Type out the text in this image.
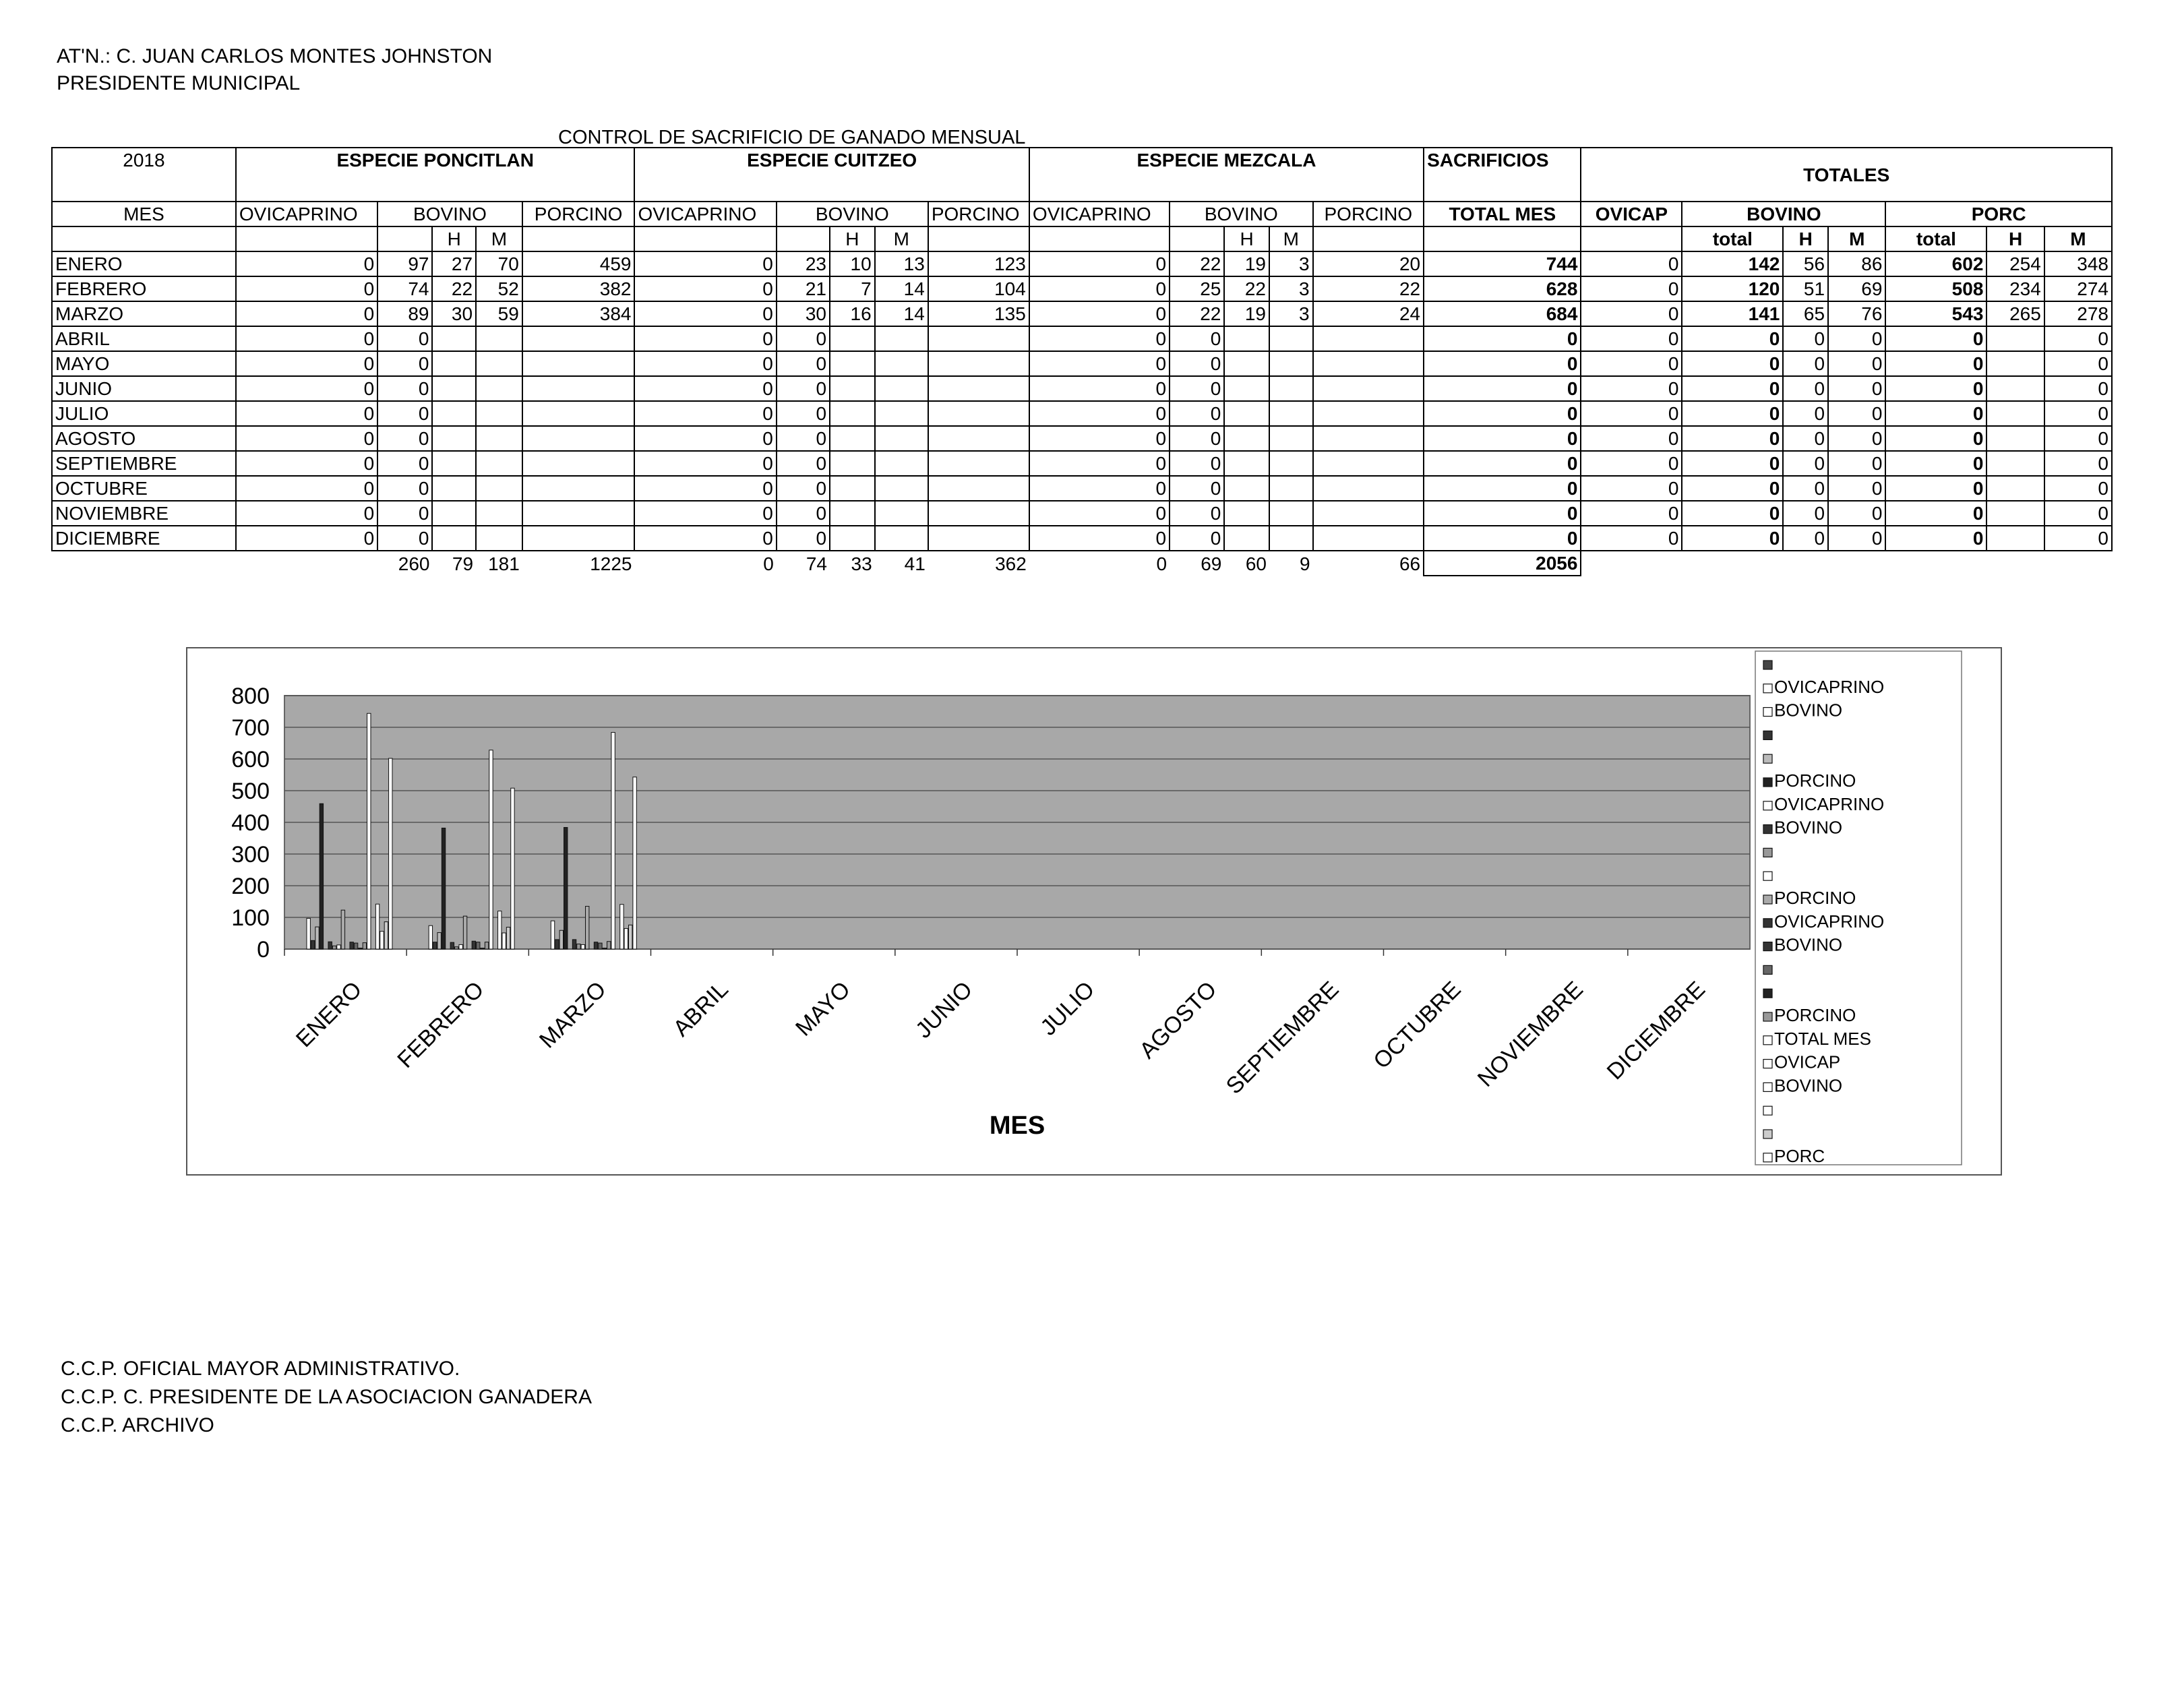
AT'N.: C. JUAN CARLOS MONTES JOHNSTON
PRESIDENTE MUNICIPAL
CONTROL DE SACRIFICIO DE GANADO MENSUAL
2018	ESPECIE PONCITLAN					ESPECIE CUITZEO					ESPECIE MEZCALA					SACRIFICIOS	TOTALES						
MES	OVICAPRINO	BOVINO			PORCINO	OVICAPRINO	BOVINO			PORCINO	OVICAPRINO	BOVINO			PORCINO	TOTAL MES	OVICAP	BOVINO			PORC		
			H	M				H	M				H	M				total	H	M	total	H	M
ENERO	0	97	27	70	459	0	23	10	13	123	0	22	19	3	20	744	0	142	56	86	602	254	348
FEBRERO	0	74	22	52	382	0	21	7	14	104	0	25	22	3	22	628	0	120	51	69	508	234	274
MARZO	0	89	30	59	384	0	30	16	14	135	0	22	19	3	24	684	0	141	65	76	543	265	278
ABRIL	0	0				0	0				0	0				0	0	0	0	0	0		0
MAYO	0	0				0	0				0	0				0	0	0	0	0	0		0
JUNIO	0	0				0	0				0	0				0	0	0	0	0	0		0
JULIO	0	0				0	0				0	0				0	0	0	0	0	0		0
AGOSTO	0	0				0	0				0	0				0	0	0	0	0	0		0
SEPTIEMBRE	0	0				0	0				0	0				0	0	0	0	0	0		0
OCTUBRE	0	0				0	0				0	0				0	0	0	0	0	0		0
NOVIEMBRE	0	0				0	0				0	0				0	0	0	0	0	0		0
DICIEMBRE	0	0				0	0				0	0				0	0	0	0	0	0		0
		260	79	181	1225	0	74	33	41	362	0	69	60	9	66	2056							
0
100
200
300
400
500
600
700
800
ENERO FEBRERO MARZO ABRIL	MAYO JUNIO	JULIO AGOSTO SEPTIEMBRE OCTUBRE NOVIEMBRE DICIEMBRE
MES
OVICAPRINO
BOVINO
PORCINO
OVICAPRINO
BOVINO
PORCINO
OVICAPRINO
BOVINO
PORCINO
TOTAL MES
OVICAP
BOVINO
PORC
C.C.P. OFICIAL MAYOR ADMINISTRATIVO.
C.C.P. C. PRESIDENTE DE LA ASOCIACION GANADERA
C.C.P. ARCHIVO
